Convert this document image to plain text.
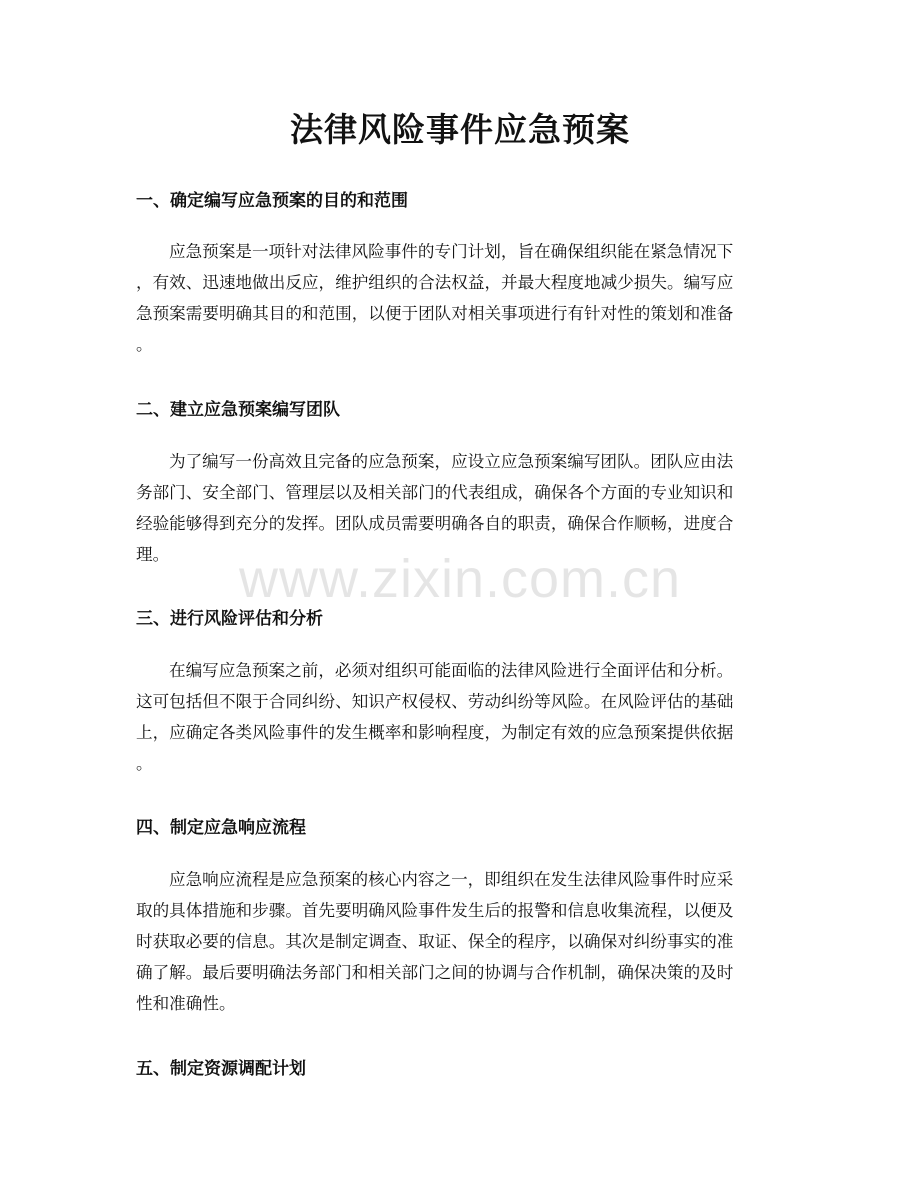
法律风险事件应急预案
一、确定编写应急预案的目的和范围
应急预案是一项针对法律风险事件的专门计划，旨在确保组织能在紧急情况下
，有效、迅速地做出反应，维护组织的合法权益，并最大程度地减少损失。编写应
急预案需要明确其目的和范围，以便于团队对相关事项进行有针对性的策划和准备
。
二、建立应急预案编写团队
为了编写一份高效且完备的应急预案，应设立应急预案编写团队。团队应由法
务部门、安全部门、管理层以及相关部门的代表组成，确保各个方面的专业知识和
经验能够得到充分的发挥。团队成员需要明确各自的职责，确保合作顺畅，进度合
理。
三、进行风险评估和分析
在编写应急预案之前，必须对组织可能面临的法律风险进行全面评估和分析。
这可包括但不限于合同纠纷、知识产权侵权、劳动纠纷等风险。在风险评估的基础
上，应确定各类风险事件的发生概率和影响程度，为制定有效的应急预案提供依据
。
四、制定应急响应流程
应急响应流程是应急预案的核心内容之一，即组织在发生法律风险事件时应采
取的具体措施和步骤。首先要明确风险事件发生后的报警和信息收集流程，以便及
时获取必要的信息。其次是制定调查、取证、保全的程序，以确保对纠纷事实的准
确了解。最后要明确法务部门和相关部门之间的协调与合作机制，确保决策的及时
性和准确性。
五、制定资源调配计划
www.zixin.com.cn
